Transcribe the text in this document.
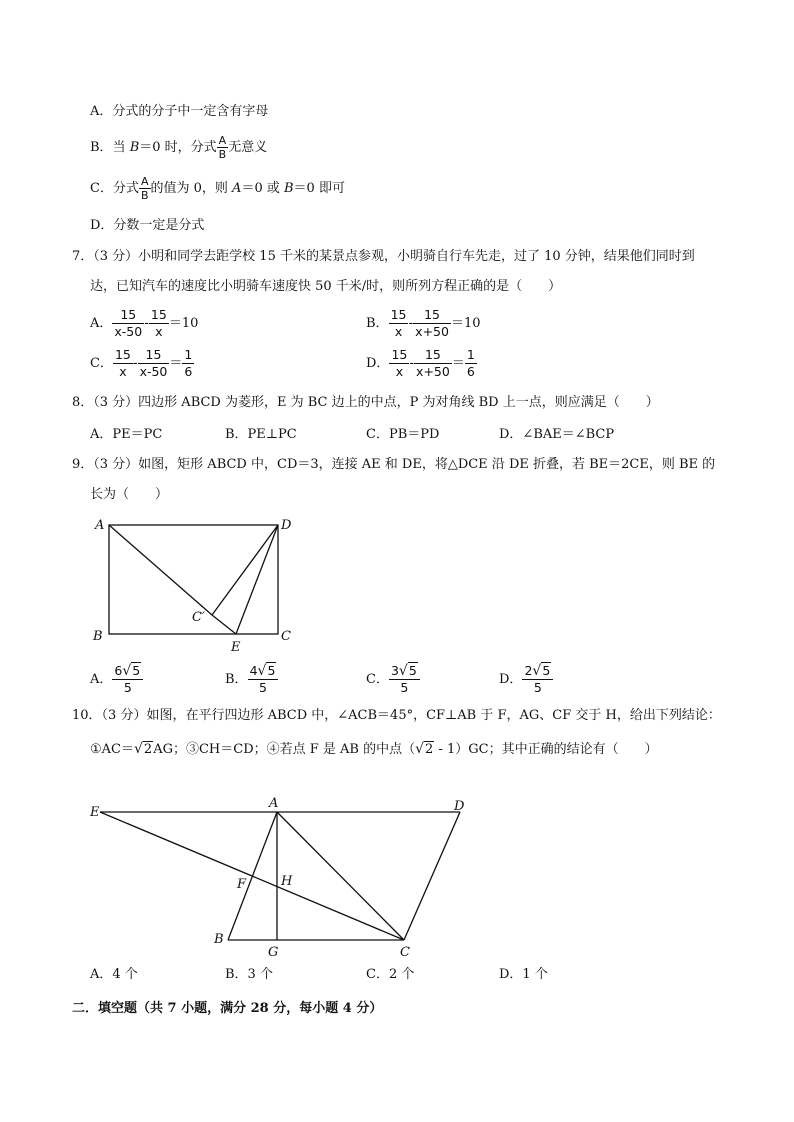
A．分式的分子中一定含有字母
B．当 B＝0 时，分式 $\frac{A}{B}$ 无意义
C．分式 $\frac{A}{B}$ 的值为 0，则 A＝0 或 B＝0 即可
D．分数一定是分式
7．（3 分）小明和同学去距学校 15 千米的某景点参观，小明骑自行车先走，过了 10 分钟，结果他们同时到
达，已知汽车的速度比小明骑车速度快 50 千米/时，则所列方程正确的是（　　）
A． $\frac{15}{x-50} - \frac{15}{x} =10$	B． $\frac{15}{x} - \frac{15}{x+50} =10$
C． $\frac{15}{x} - \frac{15}{x-50} = \frac{1}{6}$	D． $\frac{15}{x} - \frac{15}{x+50} = \frac{1}{6}$
8．（3 分）四边形 ABCD 为菱形，E 为 BC 边上的中点，P 为对角线 BD 上一点，则应满足（　　）
A．PE＝PC	B．PE⊥PC	C．PB＝PD	D．∠BAE＝∠BCP
9．（3 分）如图，矩形 ABCD 中，CD＝3，连接 AE 和 DE，将△DCE 沿 DE 折叠，若 BE＝2CE，则 BE 的
长为（　　）
A	D
B	C
E
C′
A． $\frac{6√5}{5}$	B． $\frac{4√5}{5}$	C． $\frac{3√5}{5}$	D． $\frac{2√5}{5}$
10．（3 分）如图，在平行四边形 ABCD 中，∠ACB＝45°，CF⊥AB 于 F，AG、CF 交于 H，给出下列结论：
①AC＝√2AG；③CH＝CD；④若点 F 是 AB 的中点（√2 - 1）GC；其中正确的结论有（　　）
E
A	D
F	H
B
G	C
A．4 个	B．3 个	C．2 个	D．1 个
二．填空题（共 7 小题，满分 28 分，每小题 4 分）
